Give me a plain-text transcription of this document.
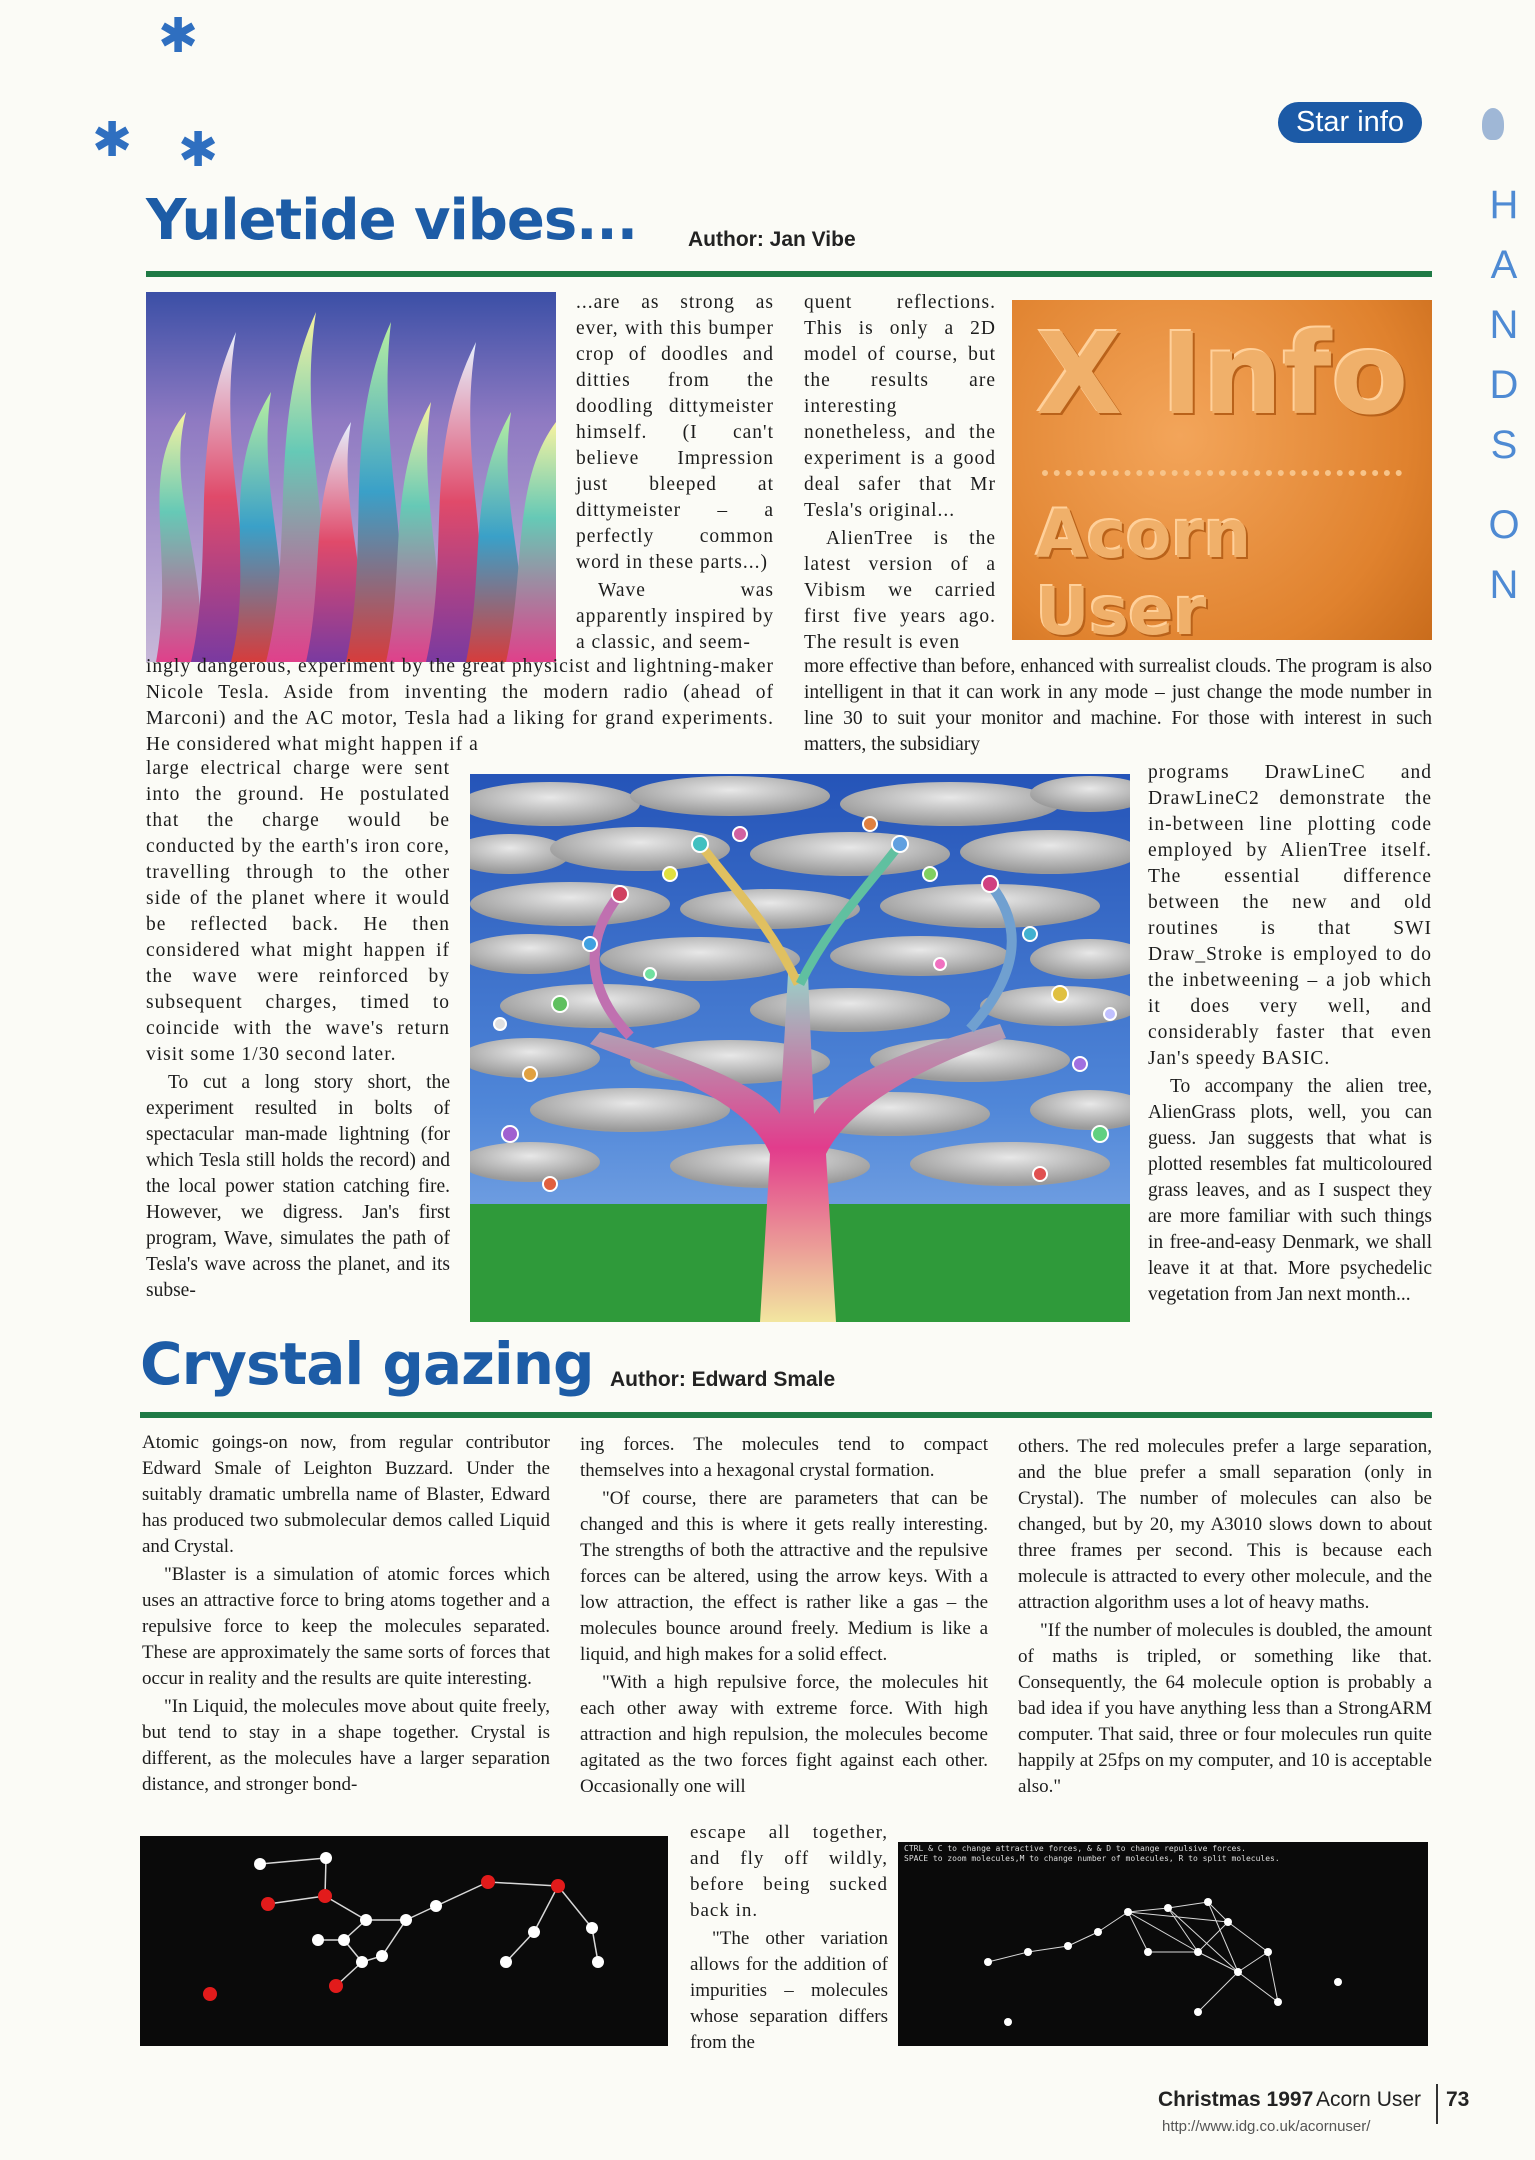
✱
✱ ✱
Star info
H
A
N
D
S
O
N
Yuletide vibes... Author: Jan Vibe
X Info
Acorn User

...are as strong as ever, with this bumper crop of doodles and ditties from the doodling dittymeister himself. (I can't believe Impression just bleeped at dittymeister – a perfectly common word in these parts...)

Wave was apparently inspired by a classic, and seem-

quent reflections. This is only a 2D model of course, but the results are interesting nonetheless, and the experiment is a good deal safer that Mr Tesla's original...

AlienTree is the latest version of a Vibism we carried first five years ago. The result is even

ingly dangerous, experiment by the great physicist and lightning-maker Nicole Tesla. Aside from inventing the modern radio (ahead of Marconi) and the AC motor, Tesla had a liking for grand experiments. He considered what might happen if a
more effective than before, enhanced with surrealist clouds. The program is also intelligent in that it can work in any mode – just change the mode number in line 30 to suit your monitor and machine. For those with interest in such matters, the subsidiary

large electrical charge were sent into the ground. He postulated that the charge would be conducted by the earth's iron core, travelling through to the other side of the planet where it would be reflected back. He then considered what might happen if the wave were reinforced by subsequent charges, timed to coincide with the wave's return visit some 1/30 second later.

To cut a long story short, the experiment resulted in bolts of spectacular man-made lightning (for which Tesla still holds the record) and the local power station catching fire. However, we digress. Jan's first program, Wave, simulates the path of Tesla's wave across the planet, and its subse-

programs DrawLineC and DrawLineC2 demonstrate the in-between line plotting code employed by AlienTree itself. The essential difference between the new and old routines is that SWI Draw_Stroke is employed to do the inbetweening – a job which it does very well, and considerably faster that even Jan's speedy BASIC.

To accompany the alien tree, AlienGrass plots, well, you can guess. Jan suggests that what is plotted resembles fat multicoloured grass leaves, and as I suspect they are more familiar with such things in free-and-easy Denmark, we shall leave it at that. More psychedelic vegetation from Jan next month...

Crystal gazing Author: Edward Smale

Atomic goings-on now, from regular contributor Edward Smale of Leighton Buzzard. Under the suitably dramatic umbrella name of Blaster, Edward has produced two submolecular demos called Liquid and Crystal.

"Blaster is a simulation of atomic forces which uses an attractive force to bring atoms together and a repulsive force to keep the molecules separated. These are approximately the same sorts of forces that occur in reality and the results are quite interesting.

"In Liquid, the molecules move about quite freely, but tend to stay in a shape together. Crystal is different, as the molecules have a larger separation distance, and stronger bond-

ing forces. The molecules tend to compact themselves into a hexagonal crystal formation.

"Of course, there are parameters that can be changed and this is where it gets really interesting. The strengths of both the attractive and the repulsive forces can be altered, using the arrow keys. With a low attraction, the effect is rather like a gas – the molecules bounce around freely. Medium is like a liquid, and high makes for a solid effect.

"With a high repulsive force, the molecules hit each other away with extreme force. With high attraction and high repulsion, the molecules become agitated as the two forces fight against each other. Occasionally one will

escape all together, and fly off wildly, before being sucked back in.

"The other variation allows for the addition of impurities – molecules whose separation differs from the

others. The red molecules prefer a large separation, and the blue prefer a small separation (only in Crystal). The number of molecules can also be changed, but by 20, my A3010 slows down to about three frames per second. This is because each molecule is attracted to every other molecule, and the attraction algorithm uses a lot of heavy maths.

"If the number of molecules is doubled, the amount of maths is tripled, or something like that. Consequently, the 64 molecule option is probably a bad idea if you have anything less than a StrongARM computer. That said, three or four molecules run quite happily at 25fps on my computer, and 10 is acceptable also."

CTRL & C to change attractive forces, & & D to change repulsive forces.
SPACE to zoom molecules,M to change number of molecules, R to split molecules.
Christmas 1997 Acorn User 73
http://www.idg.co.uk/acornuser/
